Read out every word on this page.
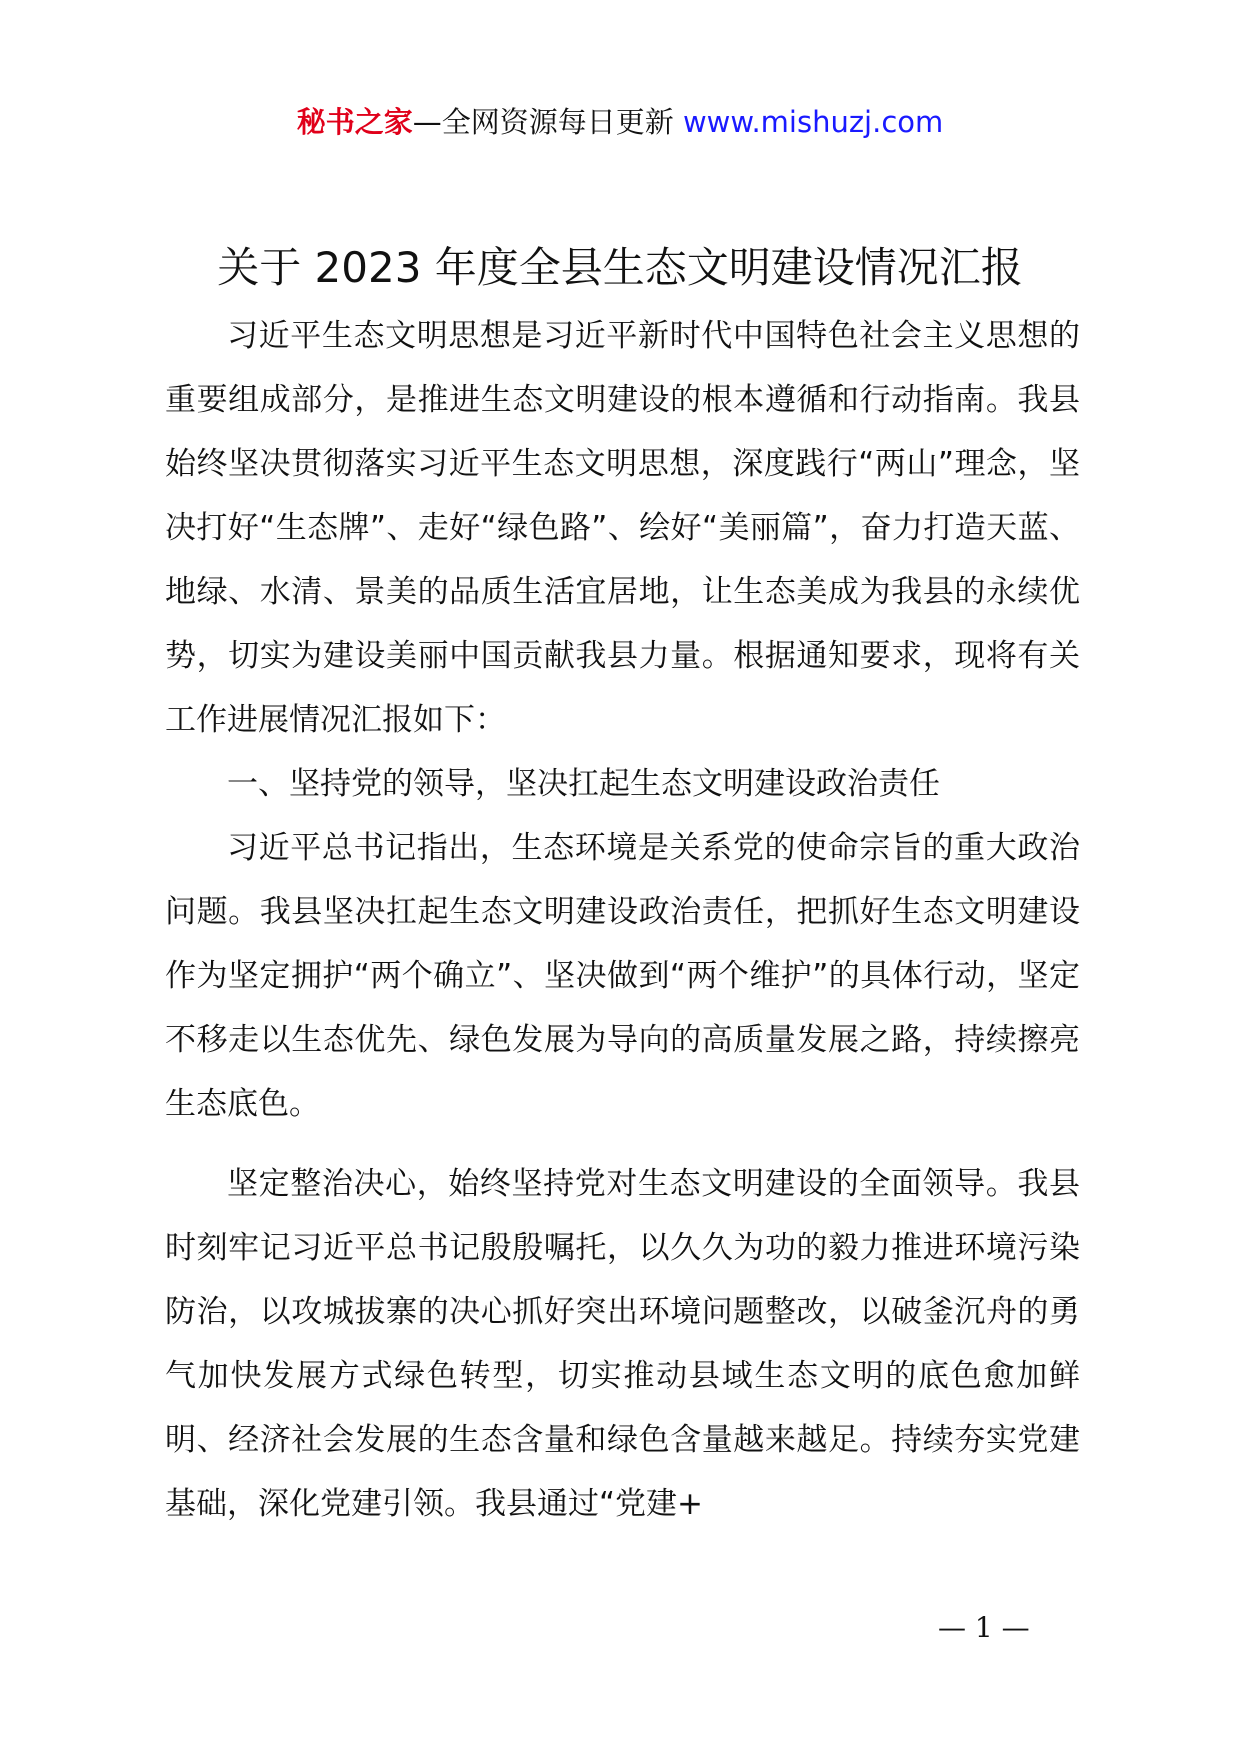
秘书之家—全网资源每日更新 www.mishuzj.com
关于 2023 年度全县生态文明建设情况汇报

习近平生态文明思想是习近平新时代中国特色社会主义思想的重要组成部分，是推进生态文明建设的根本遵循和行动指南。我县始终坚决贯彻落实习近平生态文明思想，深度践行“两山”理念，坚决打好“生态牌”、走好“绿色路”、绘好“美丽篇”，奋力打造天蓝、地绿、水清、景美的品质生活宜居地，让生态美成为我县的永续优势，切实为建设美丽中国贡献我县力量。根据通知要求，现将有关工作进展情况汇报如下：

一、坚持党的领导，坚决扛起生态文明建设政治责任

习近平总书记指出，生态环境是关系党的使命宗旨的重大政治问题。我县坚决扛起生态文明建设政治责任，把抓好生态文明建设作为坚定拥护“两个确立”、坚决做到“两个维护”的具体行动，坚定不移走以生态优先、绿色发展为导向的高质量发展之路，持续擦亮生态底色。

坚定整治决心，始终坚持党对生态文明建设的全面领导。我县时刻牢记习近平总书记殷殷嘱托，以久久为功的毅力推进环境污染防治，以攻城拔寨的决心抓好突出环境问题整改，以破釜沉舟的勇气加快发展方式绿色转型，切实推动县域生态文明的底色愈加鲜明、经济社会发展的生态含量和绿色含量越来越足。持续夯实党建基础，深化党建引领。我县通过“党建+

— 1 —
